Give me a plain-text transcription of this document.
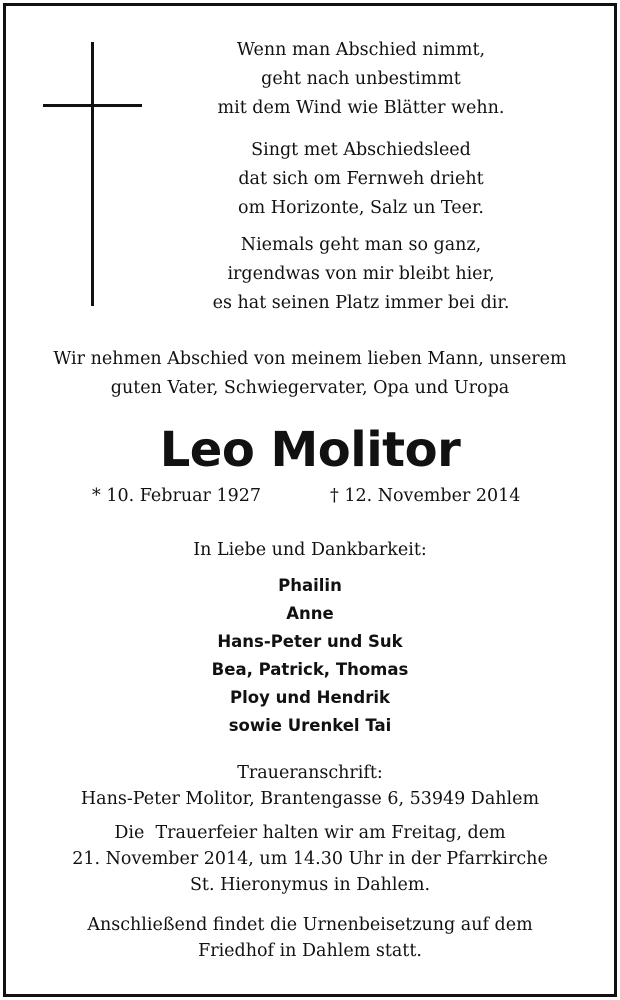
Wenn man Abschied nimmt,
geht nach unbestimmt
mit dem Wind wie Blätter wehn.
Singt met Abschiedsleed
dat sich om Fernweh drieht
om Horizonte, Salz un Teer.
Niemals geht man so ganz,
irgendwas von mir bleibt hier,
es hat seinen Platz immer bei dir.
Wir nehmen Abschied von meinem lieben Mann, unserem
guten Vater, Schwiegervater, Opa und Uropa
Leo Molitor
* 10. Februar 1927	† 12. November 2014
In Liebe und Dankbarkeit:
Phailin
Anne
Hans-Peter und Suk
Bea, Patrick, Thomas
Ploy und Hendrik
sowie Urenkel Tai
Traueranschrift:
Hans-Peter Molitor, Brantengasse 6, 53949 Dahlem
Die  Trauerfeier halten wir am Freitag, dem
21. November 2014, um 14.30 Uhr in der Pfarrkirche
St. Hieronymus in Dahlem.
Anschließend findet die Urnenbeisetzung auf dem
Friedhof in Dahlem statt.
